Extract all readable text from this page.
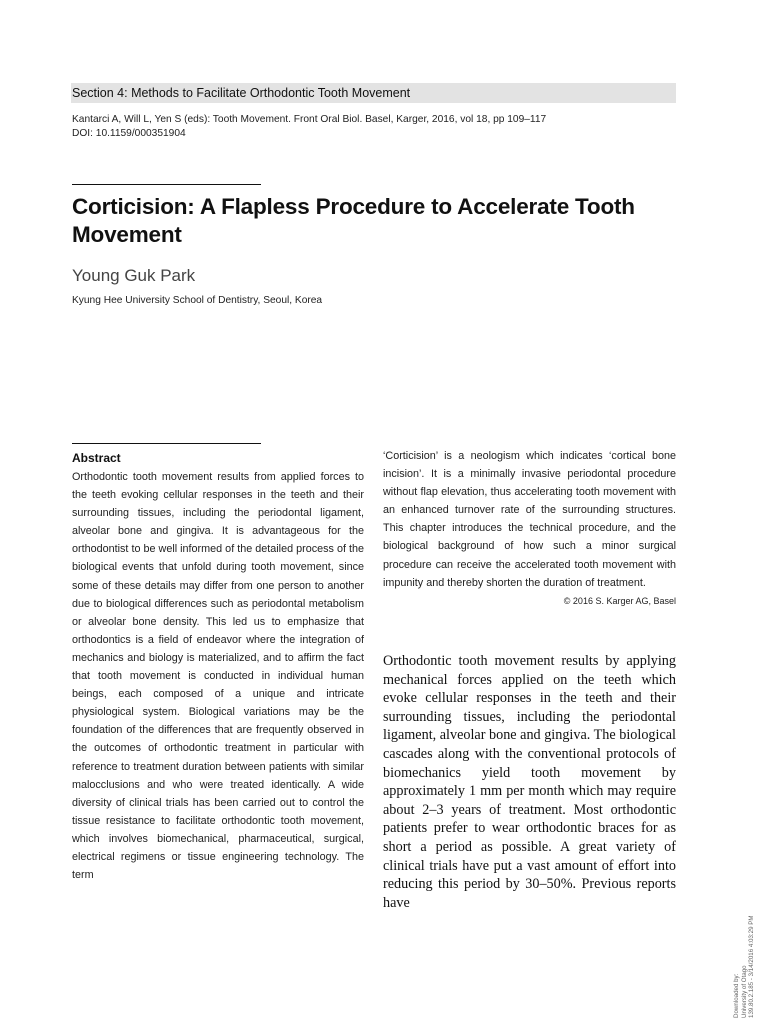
Section 4: Methods to Facilitate Orthodontic Tooth Movement
Kantarci A, Will L, Yen S (eds): Tooth Movement. Front Oral Biol. Basel, Karger, 2016, vol 18, pp 109–117
DOI: 10.1159/000351904
Corticision: A Flapless Procedure to Accelerate Tooth Movement
Young Guk Park
Kyung Hee University School of Dentistry, Seoul, Korea
Abstract

Orthodontic tooth movement results from applied forces to the teeth evoking cellular responses in the teeth and their surrounding tissues, including the periodontal ligament, alveolar bone and gingiva. It is advantageous for the orthodontist to be well informed of the detailed process of the biological events that unfold during tooth movement, since some of these details may differ from one person to another due to biological differences such as periodontal metabolism or alveolar bone density. This led us to emphasize that orthodontics is a field of endeavor where the integration of mechanics and biology is materialized, and to affirm the fact that tooth movement is conducted in individual human beings, each composed of a unique and intricate physiological system. Biological variations may be the foundation of the differences that are frequently observed in the outcomes of orthodontic treatment in particular with reference to treatment duration between patients with similar malocclusions and who were treated identically. A wide diversity of clinical trials has been carried out to control the tissue resistance to facilitate orthodontic tooth movement, which involves biomechanical, pharmaceutical, surgical, electrical regimens or tissue engineering technology. The term

‘Corticision’ is a neologism which indicates ‘cortical bone incision’. It is a minimally invasive periodontal procedure without flap elevation, thus accelerating tooth movement with an enhanced turnover rate of the surrounding structures. This chapter introduces the technical procedure, and the biological background of how such a minor surgical procedure can receive the accelerated tooth movement with impunity and thereby shorten the duration of treatment.
© 2016 S. Karger AG, Basel

Orthodontic tooth movement results by applying mechanical forces applied on the teeth which evoke cellular responses in the teeth and their surrounding tissues, including the periodontal ligament, alveolar bone and gingiva. The biological cascades along with the conventional protocols of biomechanics yield tooth movement by approximately 1 mm per month which may require about 2–3 years of treatment. Most orthodontic patients prefer to wear orthodontic braces for as short a period as possible. A great variety of clinical trials have put a vast amount of effort into reducing this period by 30–50%. Previous reports have

Downloaded by: University of Otago 139.80.2.185 - 3/14/2016 4:03:29 PM
